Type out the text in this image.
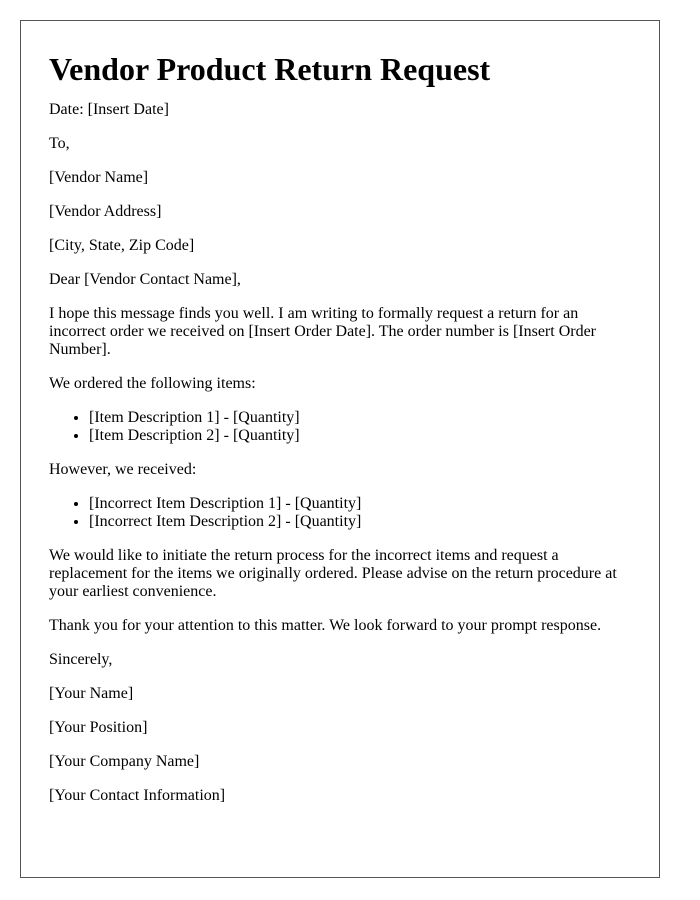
Vendor Product Return Request

Date: [Insert Date]

To,

[Vendor Name]

[Vendor Address]

[City, State, Zip Code]

Dear [Vendor Contact Name],

I hope this message finds you well. I am writing to formally request a return for an incorrect order we received on [Insert Order Date]. The order number is [Insert Order Number].

We ordered the following items:

• [Item Description 1] - [Quantity]
• [Item Description 2] - [Quantity]

However, we received:

• [Incorrect Item Description 1] - [Quantity]
• [Incorrect Item Description 2] - [Quantity]

We would like to initiate the return process for the incorrect items and request a replacement for the items we originally ordered. Please advise on the return procedure at your earliest convenience.

Thank you for your attention to this matter. We look forward to your prompt response.

Sincerely,

[Your Name]

[Your Position]

[Your Company Name]

[Your Contact Information]
